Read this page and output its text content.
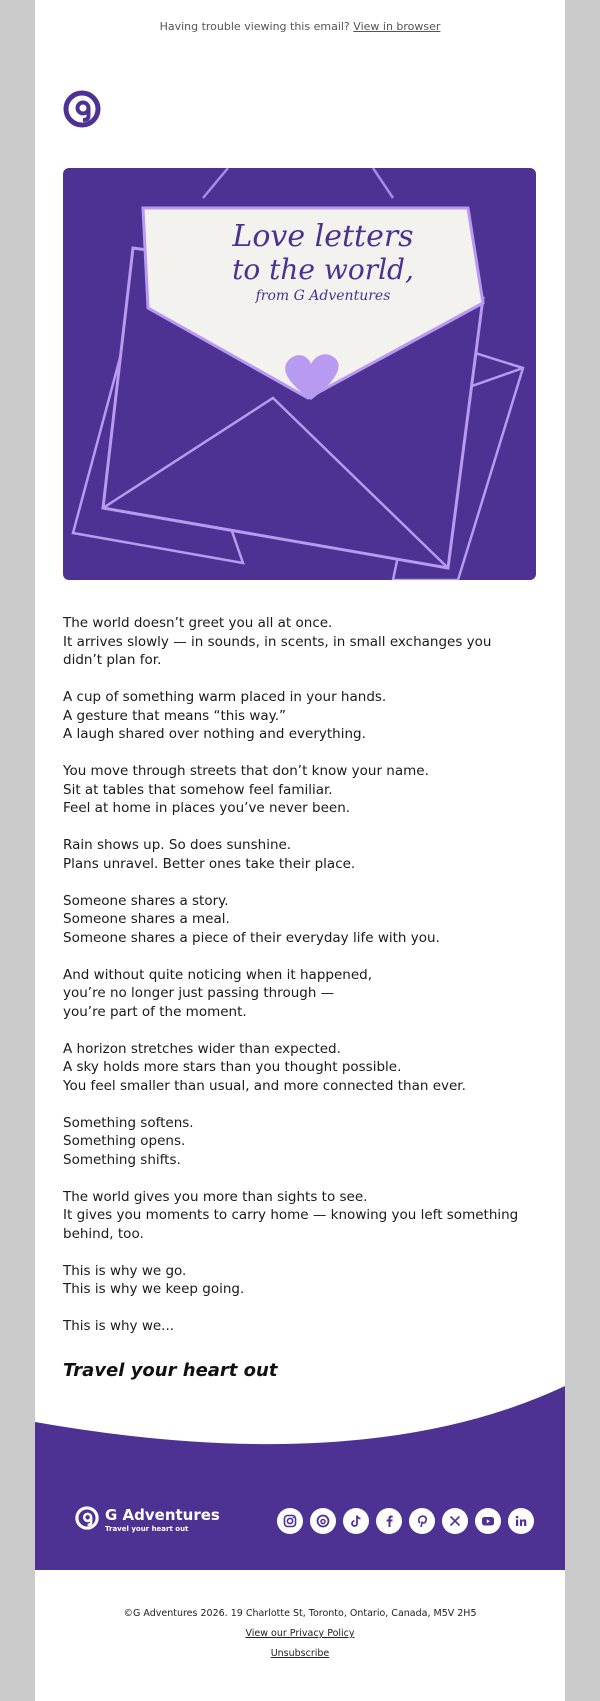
Having trouble viewing this email? View in browser
Love letters
to the world,
from G Adventures

The world doesn’t greet you all at once.
It arrives slowly — in sounds, in scents, in small exchanges you didn’t plan for.

A cup of something warm placed in your hands.
A gesture that means “this way.”
A laugh shared over nothing and everything.

You move through streets that don’t know your name.
Sit at tables that somehow feel familiar.
Feel at home in places you’ve never been.

Rain shows up. So does sunshine.
Plans unravel. Better ones take their place.

Someone shares a story.
Someone shares a meal.
Someone shares a piece of their everyday life with you.

And without quite noticing when it happened,
you’re no longer just passing through —
you’re part of the moment.

A horizon stretches wider than expected.
A sky holds more stars than you thought possible.
You feel smaller than usual, and more connected than ever.

Something softens.
Something opens.
Something shifts.

The world gives you more than sights to see.
It gives you moments to carry home — knowing you left something behind, too.

This is why we go.
This is why we keep going.

This is why we...

Travel your heart out
G Adventures
Travel your heart out
©G Adventures 2026. 19 Charlotte St, Toronto, Ontario, Canada, M5V 2H5
View our Privacy Policy
Unsubscribe
